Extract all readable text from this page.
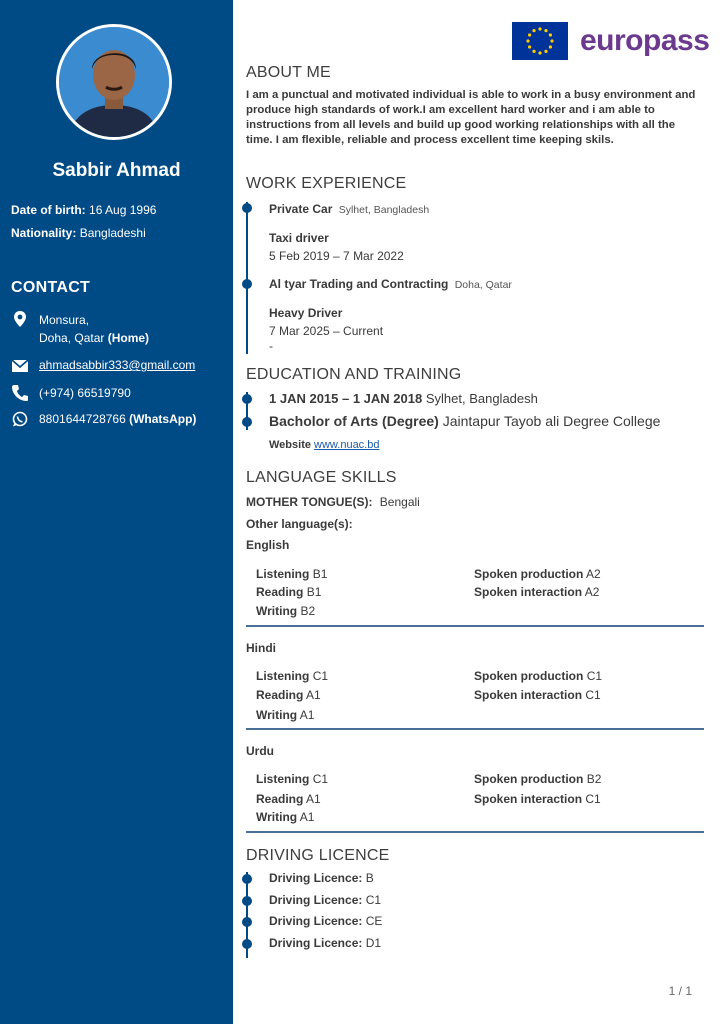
Sabbir Ahmad
Date of birth: 16 Aug 1996
Nationality: Bangladeshi
CONTACT
Monsura,
Doha, Qatar (Home)
ahmadsabbir333@gmail.com
(+974) 66519790
8801644728766 (WhatsApp)
europass
ABOUT ME
I am a punctual and motivated individual is able to work in a busy environment and produce high standards of work.I am excellent hard worker and i am able to instructions from all levels and build up good working relationships with all the time. I am flexible, reliable and process excellent time keeping skils.
WORK EXPERIENCE
Private Car Sylhet, Bangladesh
Taxi driver
5 Feb 2019 – 7 Mar 2022
Al tyar Trading and Contracting Doha, Qatar
Heavy Driver
7 Mar 2025 – Current
-
EDUCATION AND TRAINING
1 JAN 2015 – 1 JAN 2018 Sylhet, Bangladesh
Bacholor of Arts (Degree) Jaintapur Tayob ali Degree College
Website www.nuac.bd
LANGUAGE SKILLS
MOTHER TONGUE(S): Bengali
Other language(s):
English
Listening B1
Reading B1
Writing B2
Spoken production A2
Spoken interaction A2
Hindi
Listening C1
Reading A1
Writing A1
Spoken production C1
Spoken interaction C1
Urdu
Listening C1
Reading A1
Writing A1
Spoken production B2
Spoken interaction C1
DRIVING LICENCE
Driving Licence: B
Driving Licence: C1
Driving Licence: CE
Driving Licence: D1
1 / 1
